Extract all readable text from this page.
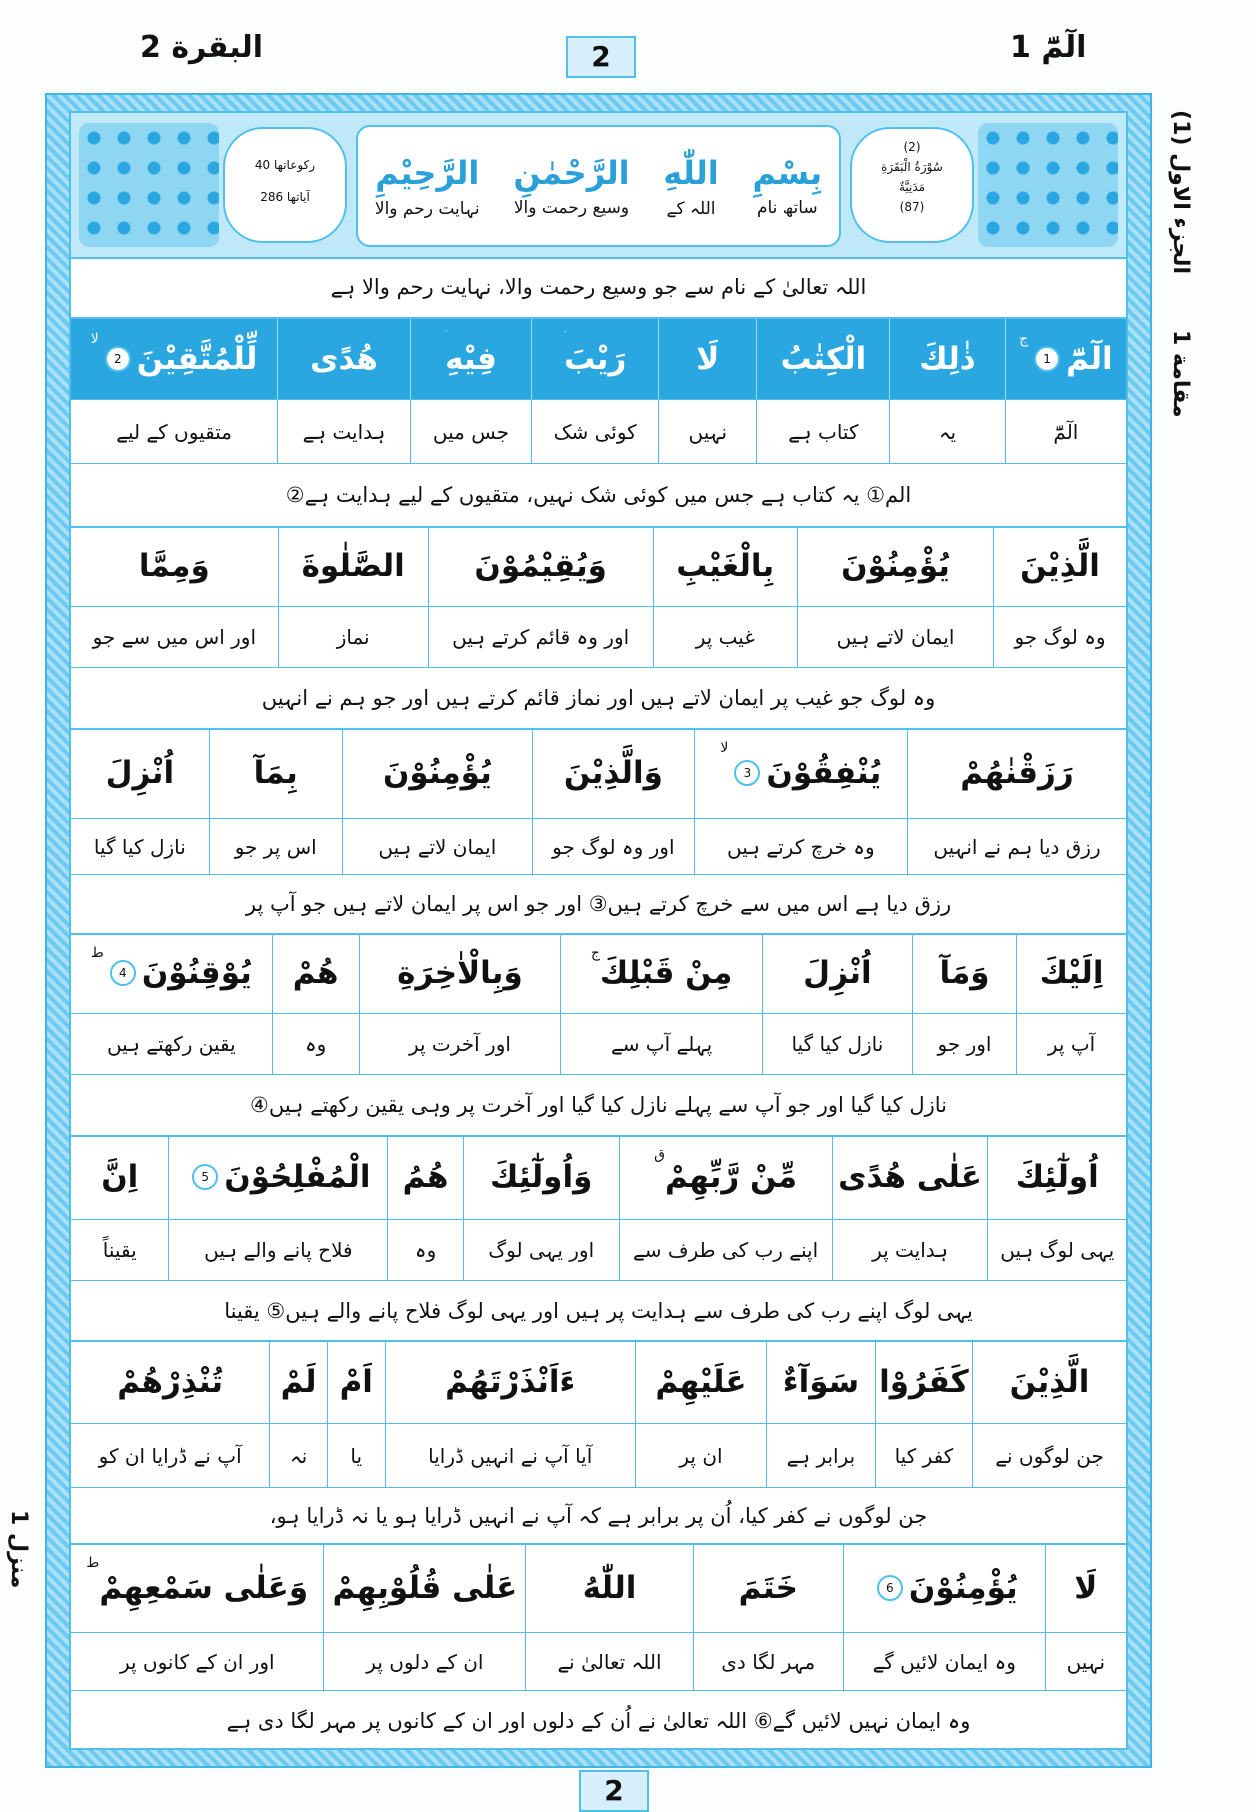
الٓمّٓ 1
2
البقرة 2
الجزء الاول (1)
مقامة 1
منزل 1
(2)
سُوْرَةُ الْبَقَرَةِ
مَدَنِيَّةٌ
(87)
رکوعاتها 40
آیاتها 286
بِسْمِ
ساتھ نام
اللّٰهِ
اللہ کے
الرَّحْمٰنِ
وسیع رحمت والا
الرَّحِيْمِ
نہایت رحم والا
اللہ تعالیٰ کے نام سے جو وسیع رحمت والا، نہایت رحم والا ہے
الٓمّٓ
1
ج
ذٰلِكَ
الْكِتٰبُ
لَا
رَيْبَ
فِيْهِ
هُدًى
لِّلْمُتَّقِيْنَ
2
لا
الٓمّٓ
یہ
کتاب ہے
نہیں
کوئی شک
جس میں
ہدایت ہے
متقیوں کے لیے
الم① یہ کتاب ہے جس میں کوئی شک نہیں، متقیوں کے لیے ہدایت ہے②
الَّذِيْنَ
يُؤْمِنُوْنَ
بِالْغَيْبِ
وَيُقِيْمُوْنَ
الصَّلٰوةَ
وَمِمَّا
وہ لوگ جو
ایمان لاتے ہیں
غیب پر
اور وہ قائم کرتے ہیں
نماز
اور اس میں سے جو
وہ لوگ جو غیب پر ایمان لاتے ہیں اور نماز قائم کرتے ہیں اور جو ہم نے انہیں
رَزَقْنٰهُمْ
يُنْفِقُوْنَ
3
لا
وَالَّذِيْنَ
يُؤْمِنُوْنَ
بِمَآ
اُنْزِلَ
رزق دیا ہم نے انہیں
وہ خرچ کرتے ہیں
اور وہ لوگ جو
ایمان لاتے ہیں
اس پر جو
نازل کیا گیا
رزق دیا ہے اس میں سے خرچ کرتے ہیں③ اور جو اس پر ایمان لاتے ہیں جو آپ پر
اِلَيْكَ
وَمَآ
اُنْزِلَ
مِنْ قَبْلِكَ
ج
وَبِالْاٰخِرَةِ
هُمْ
يُوْقِنُوْنَ
4
ط
آپ پر
اور جو
نازل کیا گیا
پہلے آپ سے
اور آخرت پر
وہ
یقین رکھتے ہیں
نازل کیا گیا اور جو آپ سے پہلے نازل کیا گیا اور آخرت پر وہی یقین رکھتے ہیں④
اُولٰٓئِكَ
عَلٰى هُدًى
مِّنْ رَّبِّهِمْ
ق
وَاُولٰٓئِكَ
هُمُ
الْمُفْلِحُوْنَ
5
اِنَّ
یہی لوگ ہیں
ہدایت پر
اپنے رب کی طرف سے
اور یہی لوگ
وہ
فلاح پانے والے ہیں
یقیناً
یہی لوگ اپنے رب کی طرف سے ہدایت پر ہیں اور یہی لوگ فلاح پانے والے ہیں⑤ یقینا
الَّذِيْنَ
كَفَرُوْا
سَوَآءٌ
عَلَيْهِمْ
ءَاَنْذَرْتَهُمْ
اَمْ
لَمْ
تُنْذِرْهُمْ
جن لوگوں نے
کفر کیا
برابر ہے
ان پر
آیا آپ نے انہیں ڈرایا
یا
نہ
آپ نے ڈرایا ان کو
جن لوگوں نے کفر کیا، اُن پر برابر ہے کہ آپ نے انہیں ڈرایا ہو یا نہ ڈرایا ہو،
لَا
يُؤْمِنُوْنَ
6
خَتَمَ
اللّٰهُ
عَلٰى قُلُوْبِهِمْ
وَعَلٰى سَمْعِهِمْ
ط
نہیں
وہ ایمان لائیں گے
مہر لگا دی
اللہ تعالیٰ نے
ان کے دلوں پر
اور ان کے کانوں پر
وہ ایمان نہیں لائیں گے⑥ اللہ تعالیٰ نے اُن کے دلوں اور ان کے کانوں پر مہر لگا دی ہے
2
